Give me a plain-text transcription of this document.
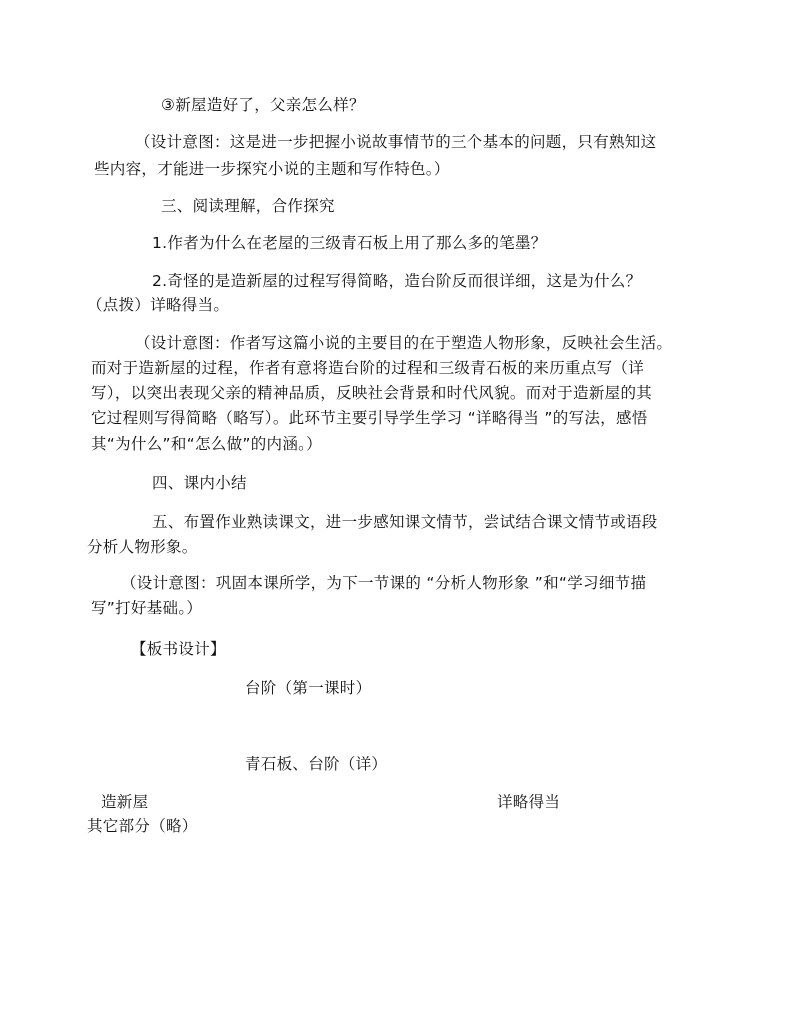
③新屋造好了，父亲怎么样？
（设计意图：这是进一步把握小说故事情节的三个基本的问题，只有熟知这
些内容，才能进一步探究小说的主题和写作特色。）
三、阅读理解，合作探究
1.作者为什么在老屋的三级青石板上用了那么多的笔墨？
2.奇怪的是造新屋的过程写得简略，造台阶反而很详细，这是为什么？
（点拨）详略得当。
（设计意图：作者写这篇小说的主要目的在于塑造人物形象，反映社会生活。
而对于造新屋的过程，作者有意将造台阶的过程和三级青石板的来历重点写（详
写），以突出表现父亲的精神品质，反映社会背景和时代风貌。而对于造新屋的其
它过程则写得简略（略写）。此环节主要引导学生学习 “详略得当 ”的写法，感悟
其“为什么”和“怎么做”的内涵。）
四、课内小结
五、布置作业熟读课文，进一步感知课文情节，尝试结合课文情节或语段
分析人物形象。
（设计意图：巩固本课所学，为下一节课的 “分析人物形象 ”和“学习细节描
写”打好基础。）
【板书设计】
台阶（第一课时）
青石板、台阶（详）
造新屋	详略得当
其它部分（略）
